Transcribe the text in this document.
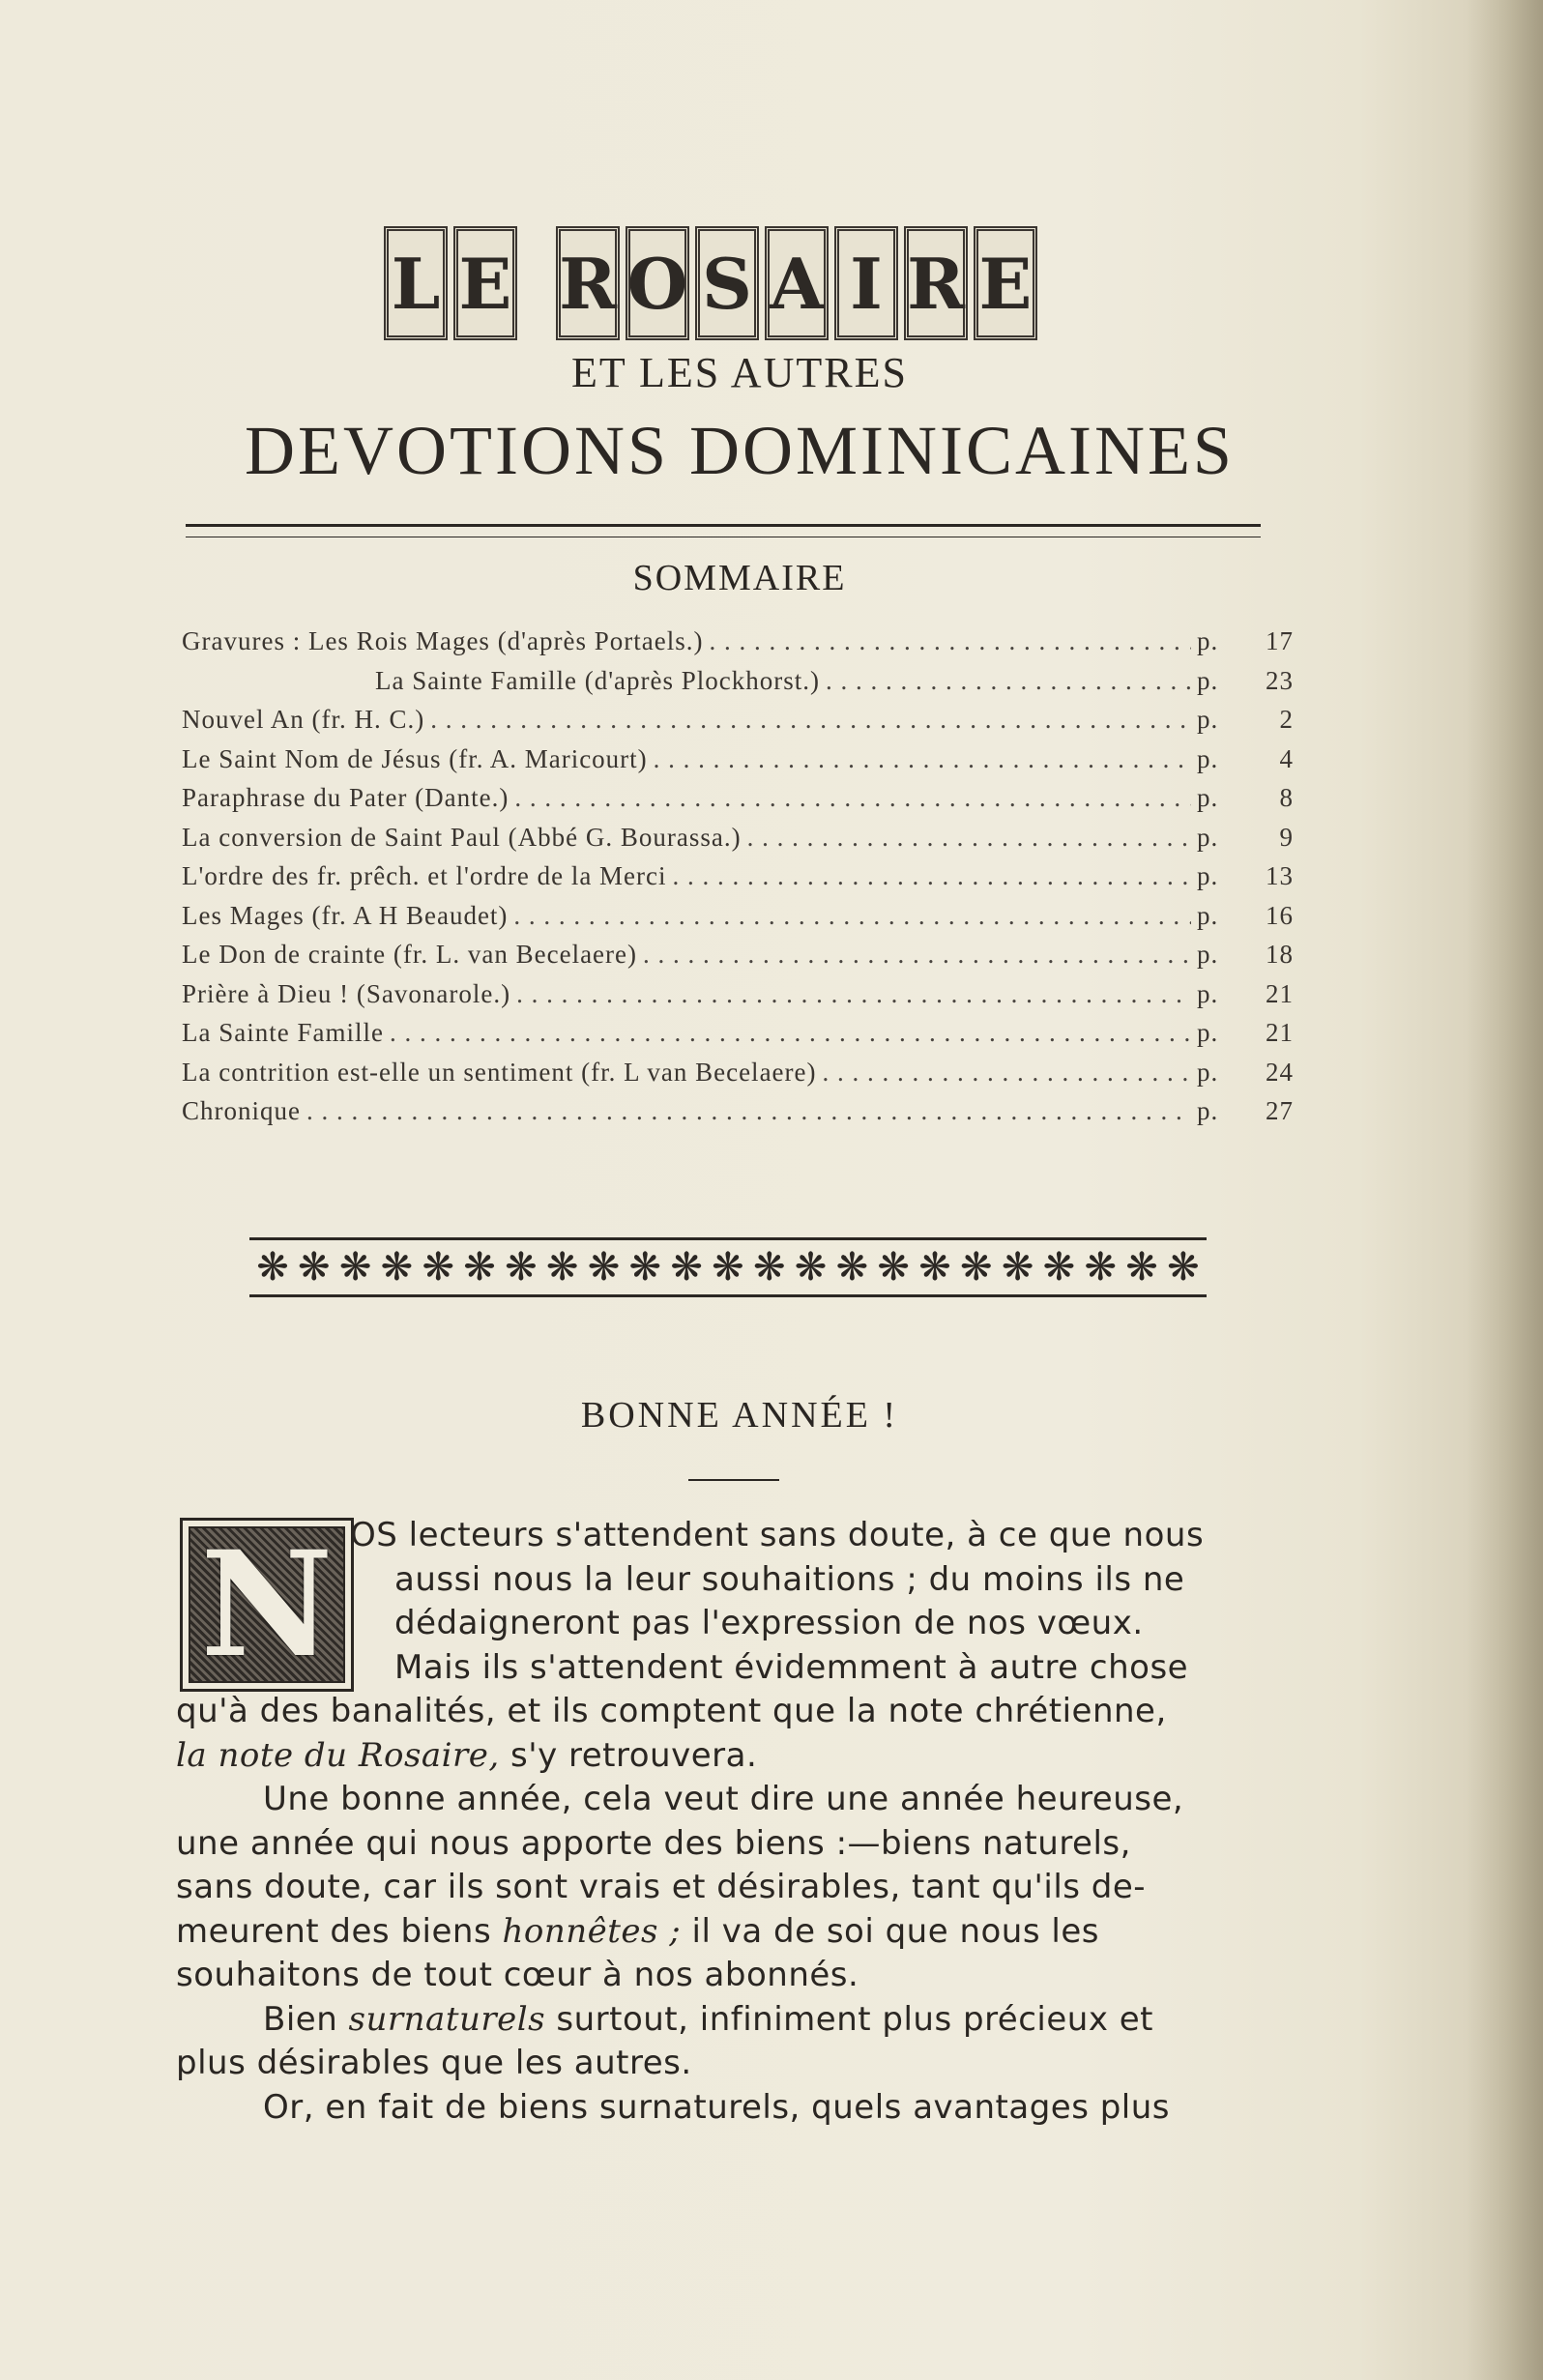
L E R O S A I R E
ET LES AUTRES
DEVOTIONS DOMINICAINES
SOMMAIRE
Gravures : Les Rois Mages (d'après Portaels.) . . .	p.	17
La Sainte Famille (d'après Plockhorst.) . . .	p.	23
Nouvel An (fr. H. C.) . . .	p.	2
Le Saint Nom de Jésus (fr. A. Maricourt) . . .	p.	4
Paraphrase du Pater (Dante.) . . .	p.	8
La conversion de Saint Paul (Abbé G. Bourassa.) . . .	p.	9
L'ordre des fr. prêch. et l'ordre de la Merci . . .	p.	13
Les Mages (fr. A H Beaudet) . . .	p.	16
Le Don de crainte (fr. L. van Becelaere) . . .	p.	18
Prière à Dieu ! (Savonarole.) . . .	p.	21
La Sainte Famille . . .	p.	21
La contrition est-elle un sentiment (fr. L van Becelaere) . . .	p.	24
Chronique . . .	p.	27
❋ ❋ ❋ ❋ ❋ ❋ ❋ ❋ ❋ ❋ ❋ ❋ ❋ ❋ ❋ ❋ ❋ ❋ ❋ ❋ ❋ ❋ ❋
BONNE ANNÉE !
N OS lecteurs s'attendent sans doute, à ce que nous
aussi nous la leur souhaitions ; du moins ils ne
dédaigneront pas l'expression de nos vœux.
Mais ils s'attendent évidemment à autre chose
qu'à des banalités, et ils comptent que la note chrétienne,
la note du Rosaire, s'y retrouvera.
Une bonne année, cela veut dire une année heureuse,
une année qui nous apporte des biens :—biens naturels,
sans doute, car ils sont vrais et désirables, tant qu'ils de-
meurent des biens honnêtes ; il va de soi que nous les
souhaitons de tout cœur à nos abonnés.
Bien surnaturels surtout, infiniment plus précieux et
plus désirables que les autres.
Or, en fait de biens surnaturels, quels avantages plus
